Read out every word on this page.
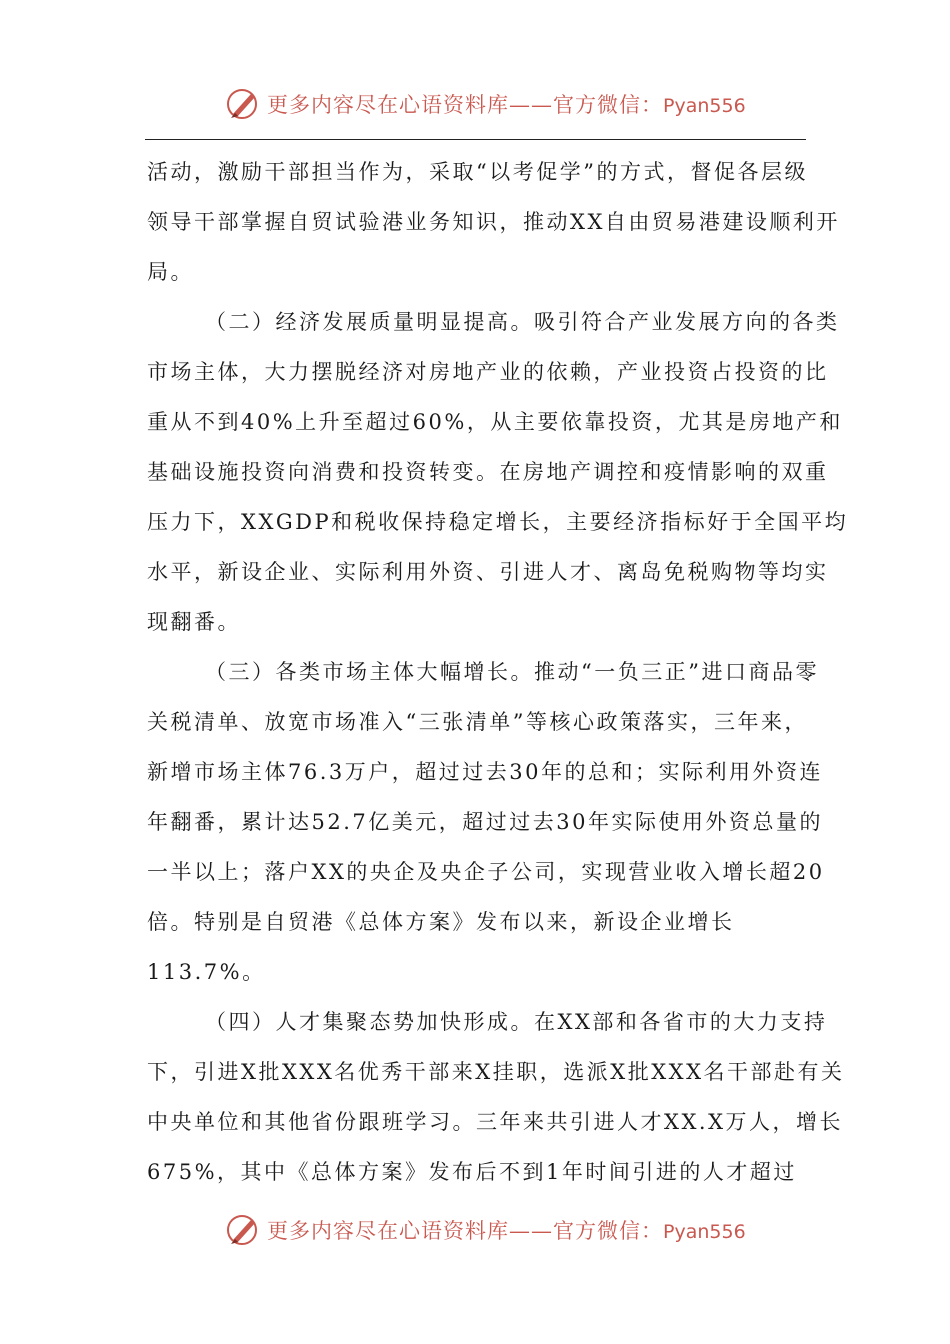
更多内容尽在心语资料库——官方微信：Pyan556
活动，激励干部担当作为，采取“以考促学”的方式，督促各层级
领导干部掌握自贸试验港业务知识，推动XX自由贸易港建设顺利开
局。
（二）经济发展质量明显提高。吸引符合产业发展方向的各类
市场主体，大力摆脱经济对房地产业的依赖，产业投资占投资的比
重从不到40%上升至超过60%，从主要依靠投资，尤其是房地产和
基础设施投资向消费和投资转变。在房地产调控和疫情影响的双重
压力下，XXGDP和税收保持稳定增长，主要经济指标好于全国平均
水平，新设企业、实际利用外资、引进人才、离岛免税购物等均实
现翻番。
（三）各类市场主体大幅增长。推动“一负三正”进口商品零
关税清单、放宽市场准入“三张清单”等核心政策落实，三年来，
新增市场主体76.3万户，超过过去30年的总和；实际利用外资连
年翻番，累计达52.7亿美元，超过过去30年实际使用外资总量的
一半以上；落户XX的央企及央企子公司，实现营业收入增长超20
倍。特别是自贸港《总体方案》发布以来，新设企业增长
113.7%。
（四）人才集聚态势加快形成。在XX部和各省市的大力支持
下，引进X批XXX名优秀干部来X挂职，选派X批XXX名干部赴有关
中央单位和其他省份跟班学习。三年来共引进人才XX.X万人，增长
675%，其中《总体方案》发布后不到1年时间引进的人才超过
更多内容尽在心语资料库——官方微信：Pyan556
